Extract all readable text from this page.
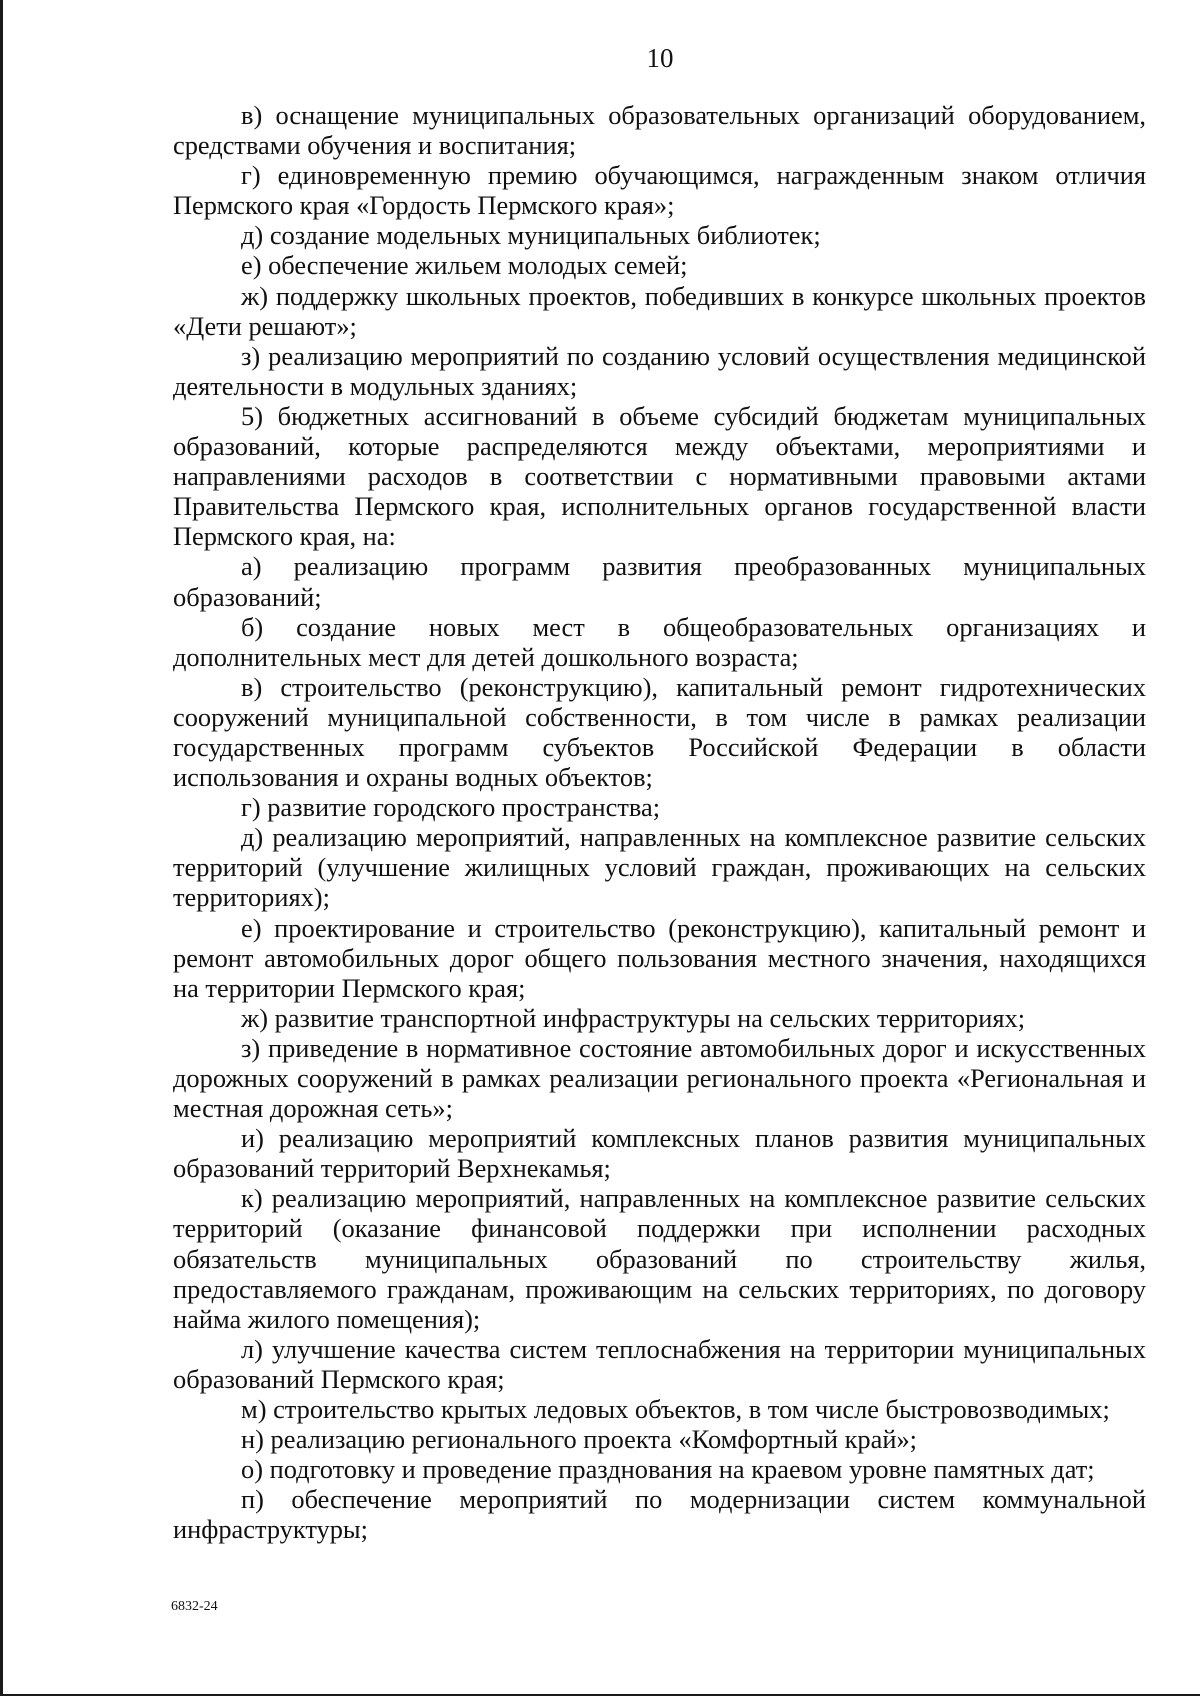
10

в) оснащение муниципальных образовательных организаций оборудованием, средствами обучения и воспитания;

г) единовременную премию обучающимся, награжденным знаком отличия Пермского края «Гордость Пермского края»;

д) создание модельных муниципальных библиотек;

е) обеспечение жильем молодых семей;

ж) поддержку школьных проектов, победивших в конкурсе школьных проектов «Дети решают»;

з) реализацию мероприятий по созданию условий осуществления медицинской деятельности в модульных зданиях;

5) бюджетных ассигнований в объеме субсидий бюджетам муниципальных образований, которые распределяются между объектами, мероприятиями и направлениями расходов в соответствии с нормативными правовыми актами Правительства Пермского края, исполнительных органов государственной власти Пермского края, на:

а) реализацию программ развития преобразованных муниципальных образований;

б) создание новых мест в общеобразовательных организациях и дополнительных мест для детей дошкольного возраста;

в) строительство (реконструкцию), капитальный ремонт гидротехнических сооружений муниципальной собственности, в том числе в рамках реализации государственных программ субъектов Российской Федерации в области использования и охраны водных объектов;

г) развитие городского пространства;

д) реализацию мероприятий, направленных на комплексное развитие сельских территорий (улучшение жилищных условий граждан, проживающих на сельских территориях);

е) проектирование и строительство (реконструкцию), капитальный ремонт и ремонт автомобильных дорог общего пользования местного значения, находящихся на территории Пермского края;

ж) развитие транспортной инфраструктуры на сельских территориях;

з) приведение в нормативное состояние автомобильных дорог и искусственных дорожных сооружений в рамках реализации регионального проекта «Региональная и местная дорожная сеть»;

и) реализацию мероприятий комплексных планов развития муниципальных образований территорий Верхнекамья;

к) реализацию мероприятий, направленных на комплексное развитие сельских территорий (оказание финансовой поддержки при исполнении расходных обязательств муниципальных образований по строительству жилья, предоставляемого гражданам, проживающим на сельских территориях, по договору найма жилого помещения);

л) улучшение качества систем теплоснабжения на территории муниципальных образований Пермского края;

м) строительство крытых ледовых объектов, в том числе быстровозводимых;

н) реализацию регионального проекта «Комфортный край»;

о) подготовку и проведение празднования на краевом уровне памятных дат;

п) обеспечение мероприятий по модернизации систем коммунальной инфраструктуры;

6832-24
